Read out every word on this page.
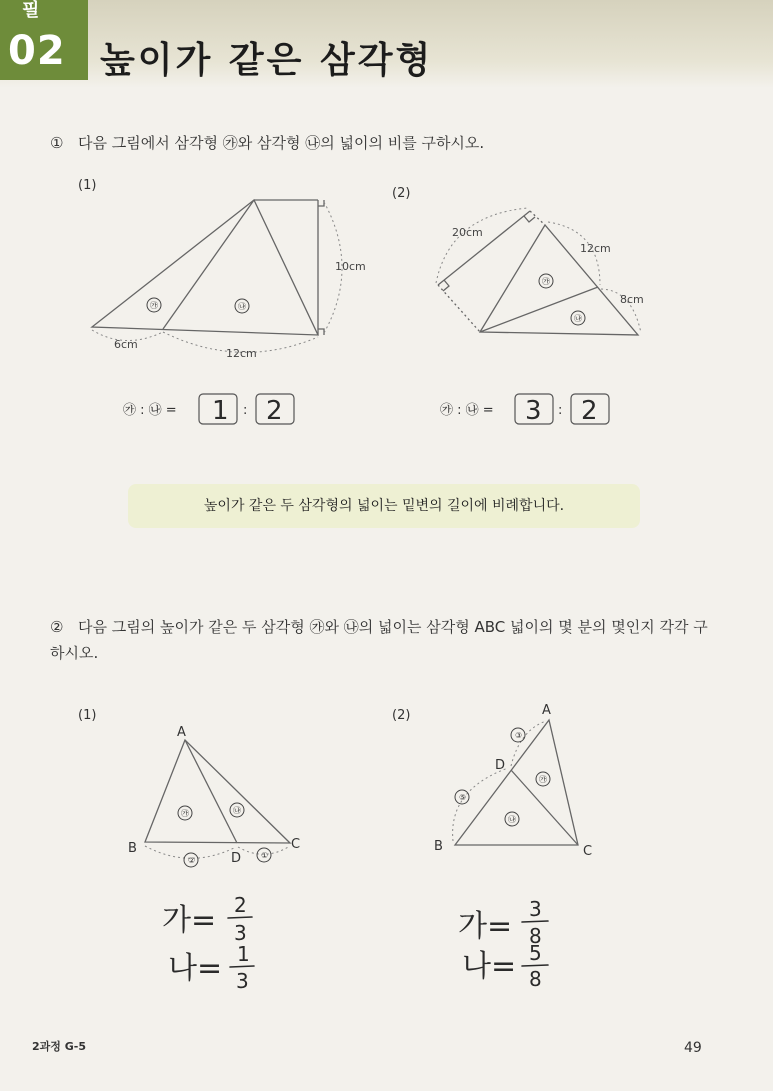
필
02 높이가 같은 삼각형
① 다음 그림에서 삼각형 ㉮와 삼각형 ㉯의 넓이의 비를 구하시오.
(1)
(2)
6cm
12cm
10cm
㉮	㉯
20cm
12cm
8cm
㉮
㉯
㉮ : ㉯ = 1 : 2	㉮ : ㉯ = 3 : 2
A
B	C
D
②
①
㉮	㉯
A
B	C
D
③
⑤
㉮
㉯
가= 2
3
나= 1
3
가= 3
8
나= 5
8
높이가 같은 두 삼각형의 넓이는 밑변의 길이에 비례합니다.
② 다음 그림의 높이가 같은 두 삼각형 ㉮와 ㉯의 넓이는 삼각형 ABC 넓이의 몇 분의 몇인지 각각 구하시오.
(1)	(2)
2과정 G-5	49
